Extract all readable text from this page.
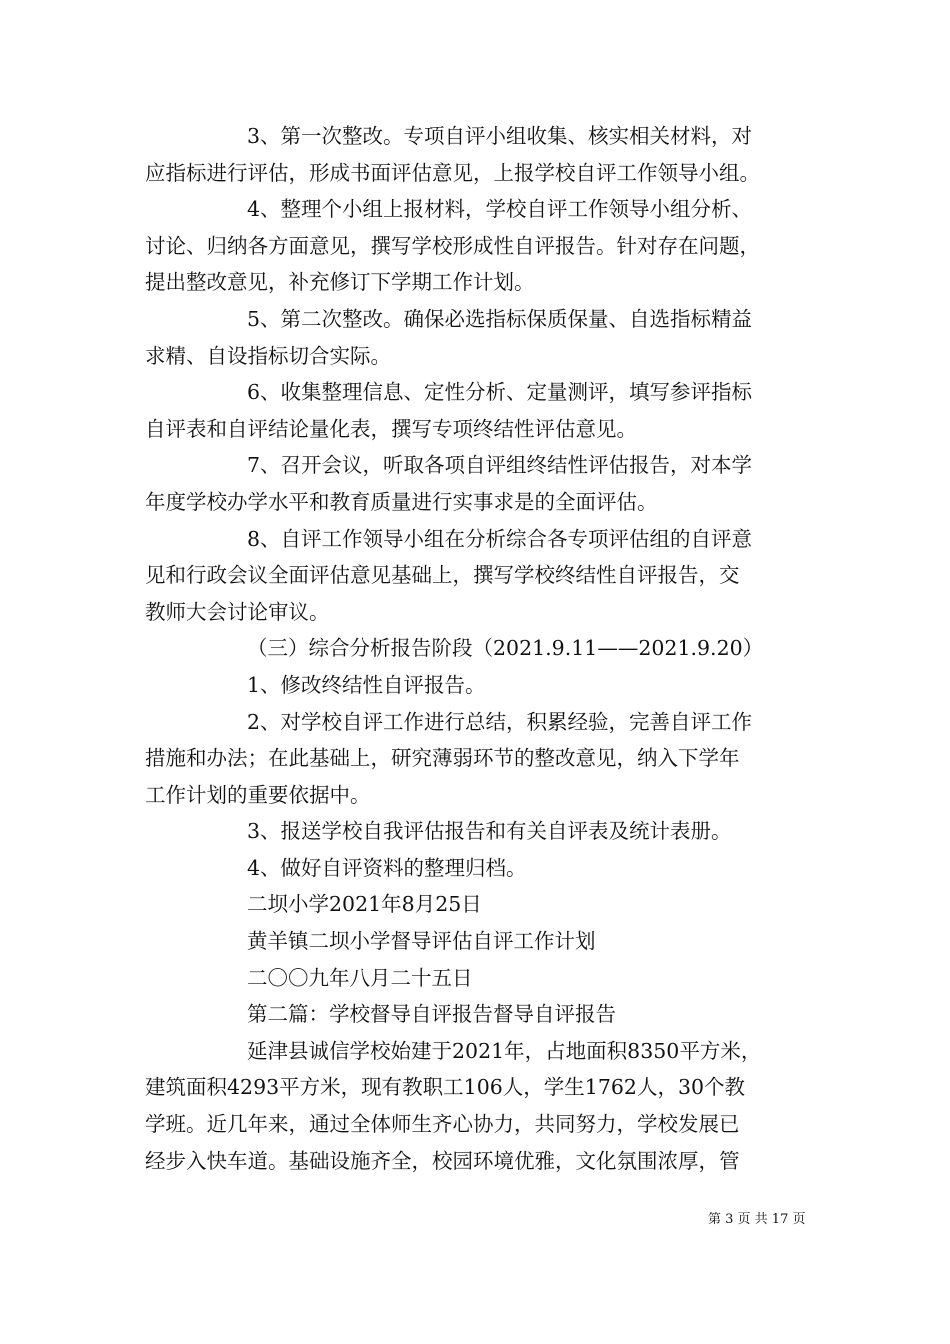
3、第一次整改。专项自评小组收集、核实相关材料，对
应指标进行评估，形成书面评估意见，上报学校自评工作领导小组。
4、整理个小组上报材料，学校自评工作领导小组分析、
讨论、归纳各方面意见，撰写学校形成性自评报告。针对存在问题，
提出整改意见，补充修订下学期工作计划。
5、第二次整改。确保必选指标保质保量、自选指标精益
求精、自设指标切合实际。
6、收集整理信息、定性分析、定量测评，填写参评指标
自评表和自评结论量化表，撰写专项终结性评估意见。
7、召开会议，听取各项自评组终结性评估报告，对本学
年度学校办学水平和教育质量进行实事求是的全面评估。
8、自评工作领导小组在分析综合各专项评估组的自评意
见和行政会议全面评估意见基础上，撰写学校终结性自评报告，交
教师大会讨论审议。
（三）综合分析报告阶段（2021.9.11——2021.9.20）
1、修改终结性自评报告。
2、对学校自评工作进行总结，积累经验，完善自评工作
措施和办法；在此基础上，研究薄弱环节的整改意见，纳入下学年
工作计划的重要依据中。
3、报送学校自我评估报告和有关自评表及统计表册。
4、做好自评资料的整理归档。
二坝小学2021年8月25日
黄羊镇二坝小学督导评估自评工作计划
二〇〇九年八月二十五日
第二篇：学校督导自评报告督导自评报告
延津县诚信学校始建于2021年，占地面积8350平方米，
建筑面积4293平方米，现有教职工106人，学生1762人，30个教
学班。近几年来，通过全体师生齐心协力，共同努力，学校发展已
经步入快车道。基础设施齐全，校园环境优雅，文化氛围浓厚，管
第 3 页 共 17 页
